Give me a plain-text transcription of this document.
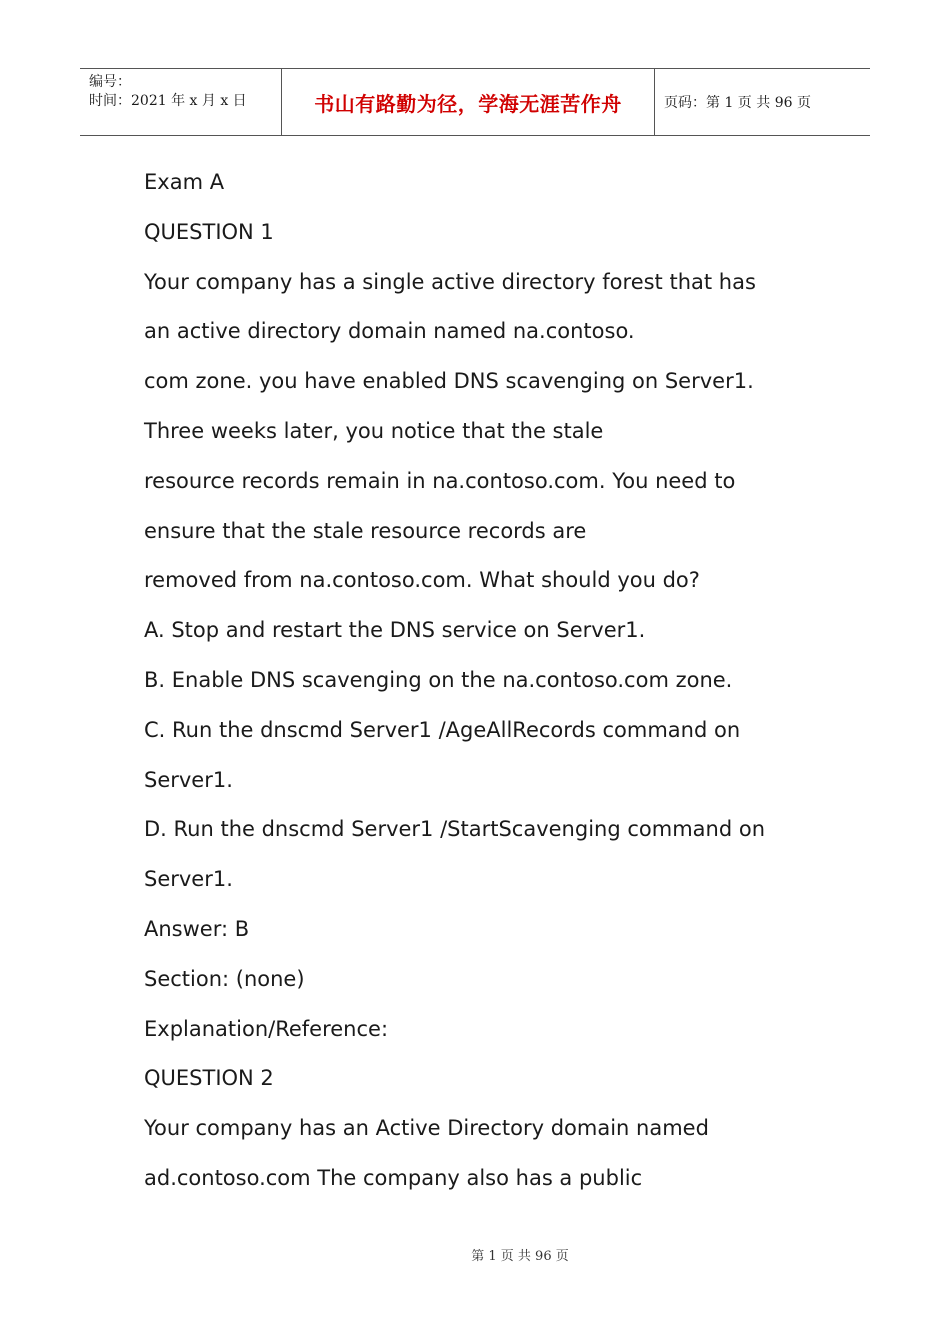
编号：
时间：2021 年 x 月 x 日	书山有路勤为径，学海无涯苦作舟	页码：第 1 页 共 96 页
Exam A
QUESTION 1
Your company has a single active directory forest that has
an active directory domain named na.contoso.
com zone. you have enabled DNS scavenging on Server1.
Three weeks later, you notice that the stale
resource records remain in na.contoso.com. You need to
ensure that the stale resource records are
removed from na.contoso.com. What should you do?
A. Stop and restart the DNS service on Server1.
B. Enable DNS scavenging on the na.contoso.com zone.
C. Run the dnscmd Server1 /AgeAllRecords command on
Server1.
D. Run the dnscmd Server1 /StartScavenging command on
Server1.
Answer: B
Section: (none)
Explanation/Reference:
QUESTION 2
Your company has an Active Directory domain named
ad.contoso.com The company also has a public
第 1 页 共 96 页
